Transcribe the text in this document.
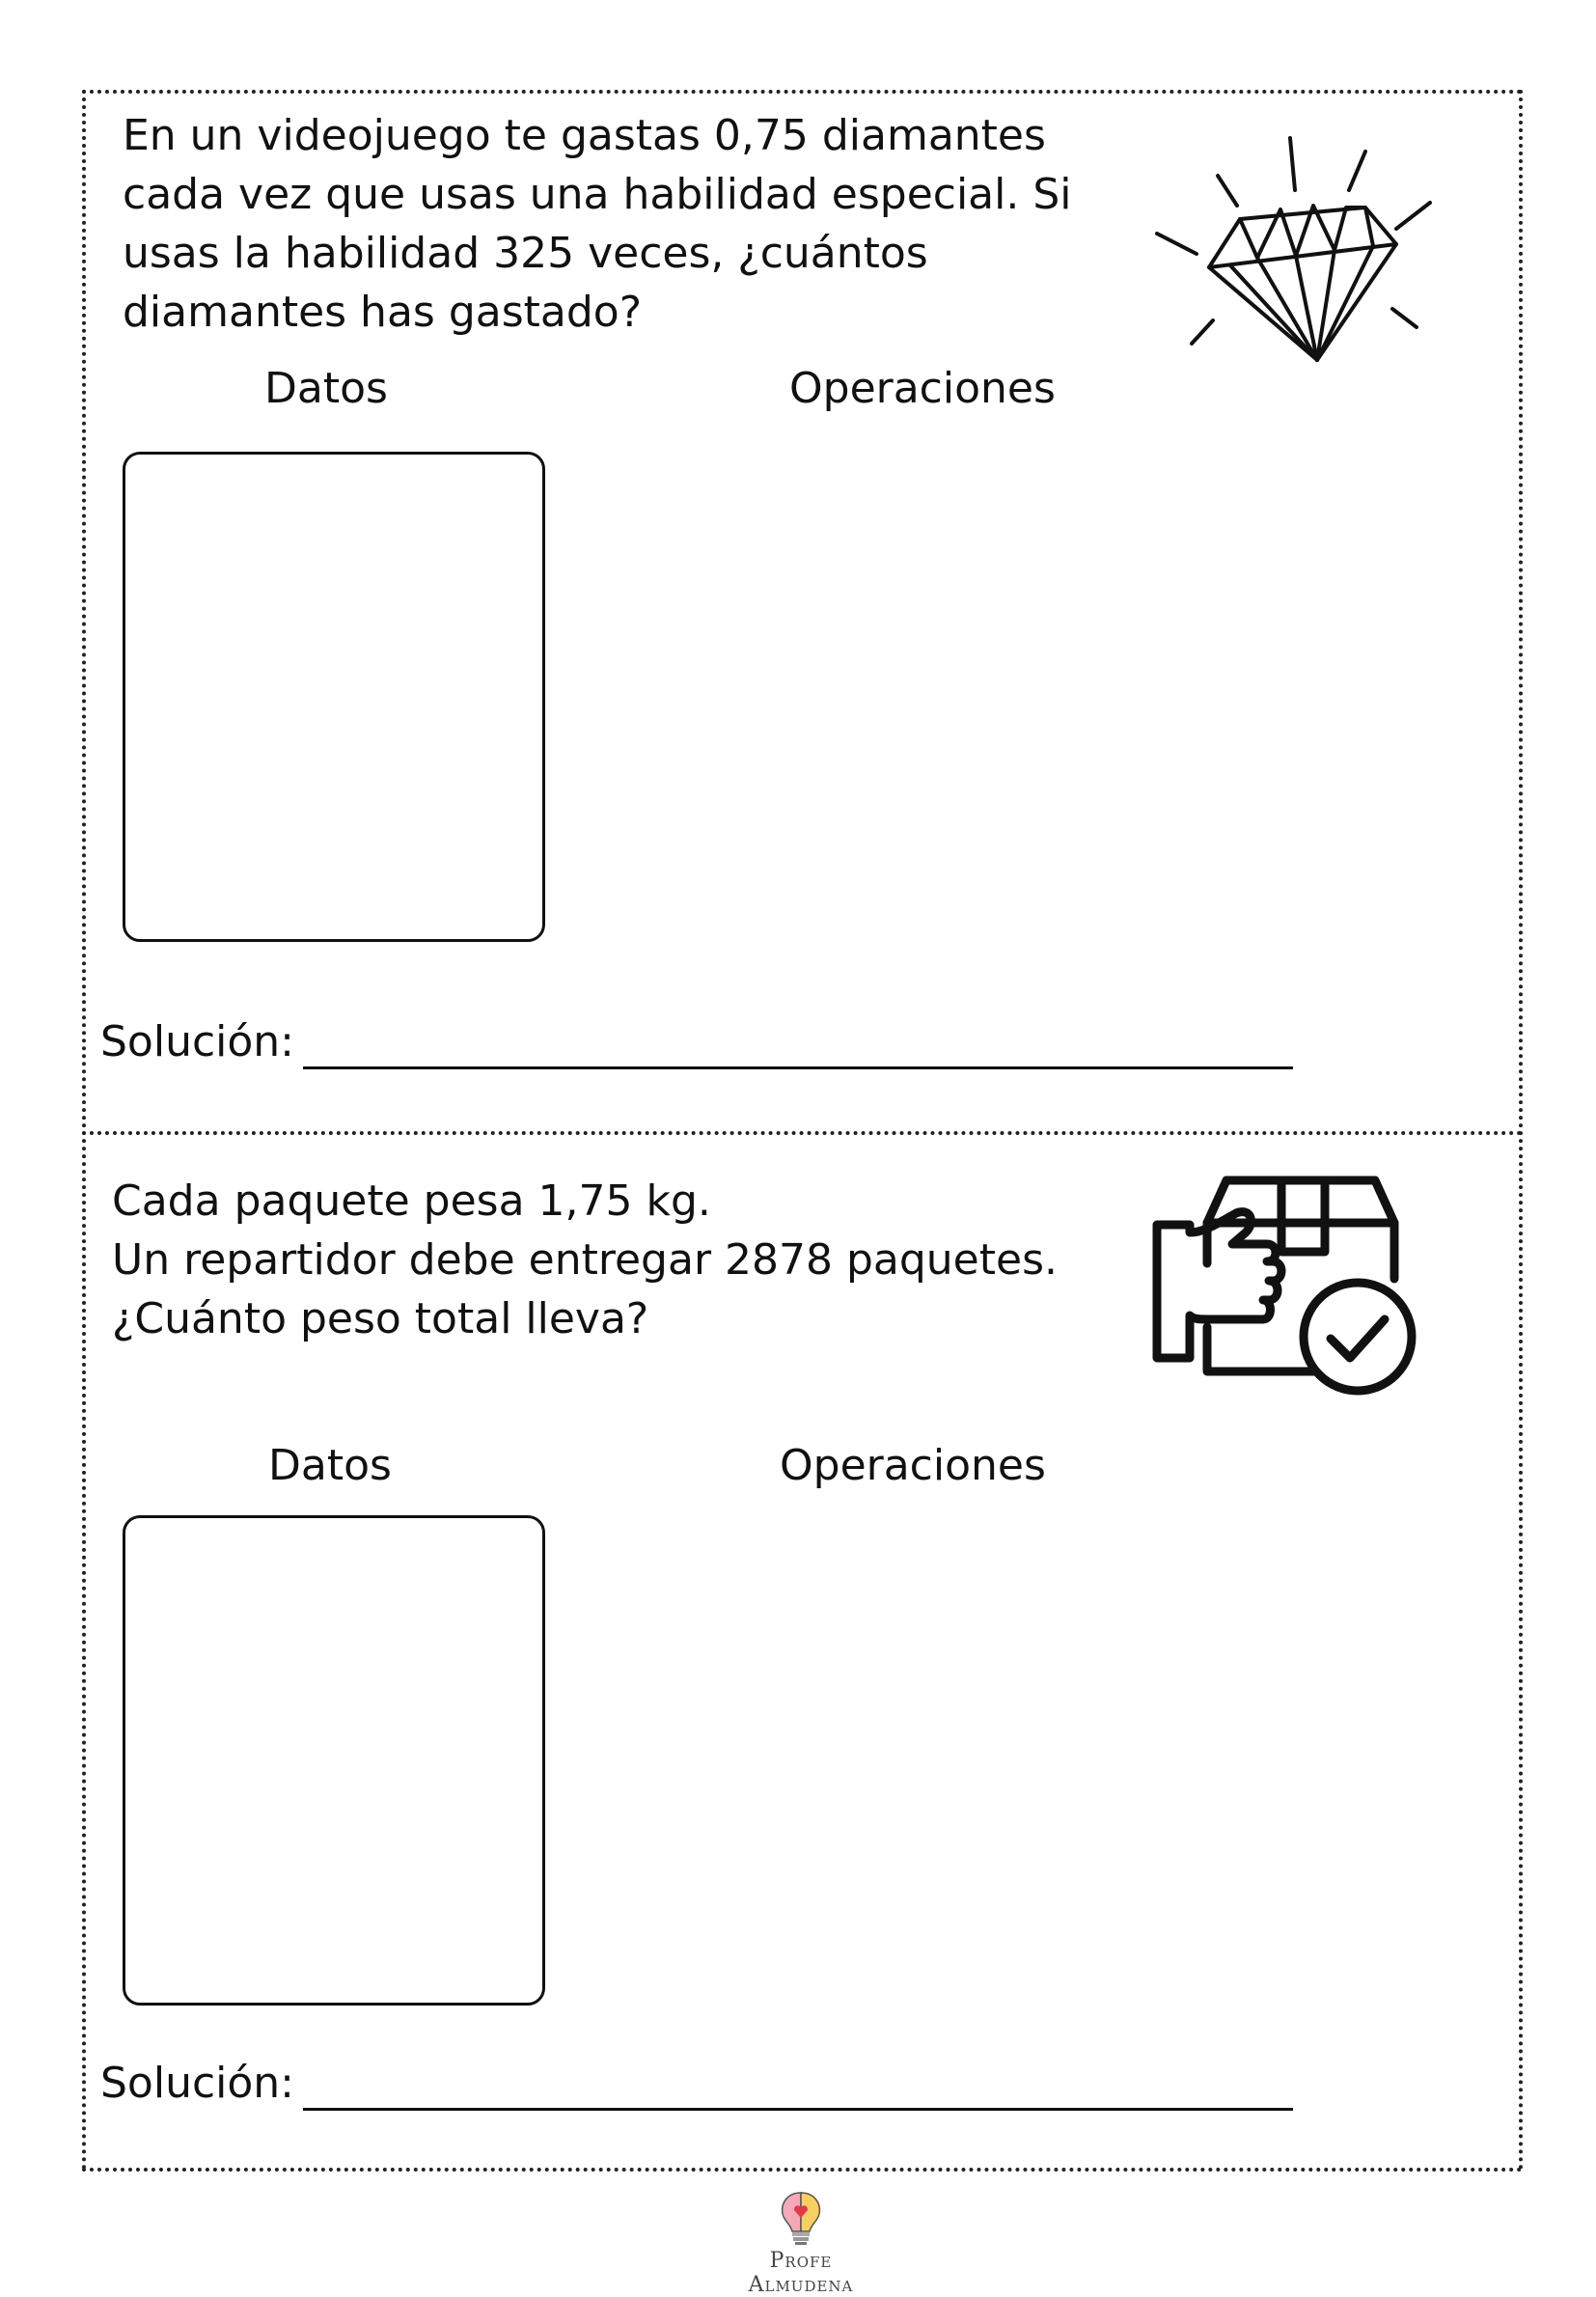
En un videojuego te gastas 0,75 diamantes
cada vez que usas una habilidad especial. Si
usas la habilidad 325 veces, ¿cuántos
diamantes has gastado?

Datos	Operaciones
Solución:

Cada paquete pesa 1,75 kg.
Un repartidor debe entregar 2878 paquetes.
¿Cuánto peso total lleva?

Datos	Operaciones
Solución:
Profe Almudena
